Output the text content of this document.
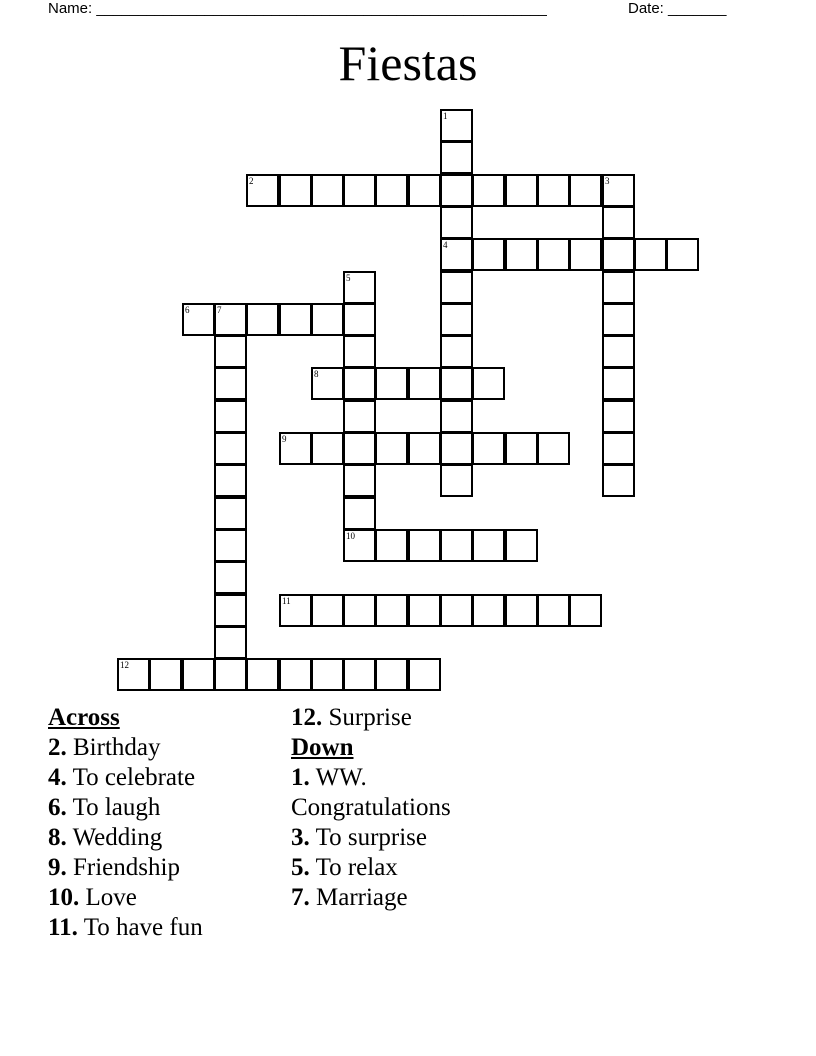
Name: ______________________________________________________	Date: _______
Fiestas
1
4
2	3
5
10
6	7
8
9
11
12
Across
2. Birthday
4. To celebrate
6. To laugh
8. Wedding
9. Friendship
10. Love
11. To have fun
12. Surprise
Down
1. WW. Congratulations
3. To surprise
5. To relax
7. Marriage
